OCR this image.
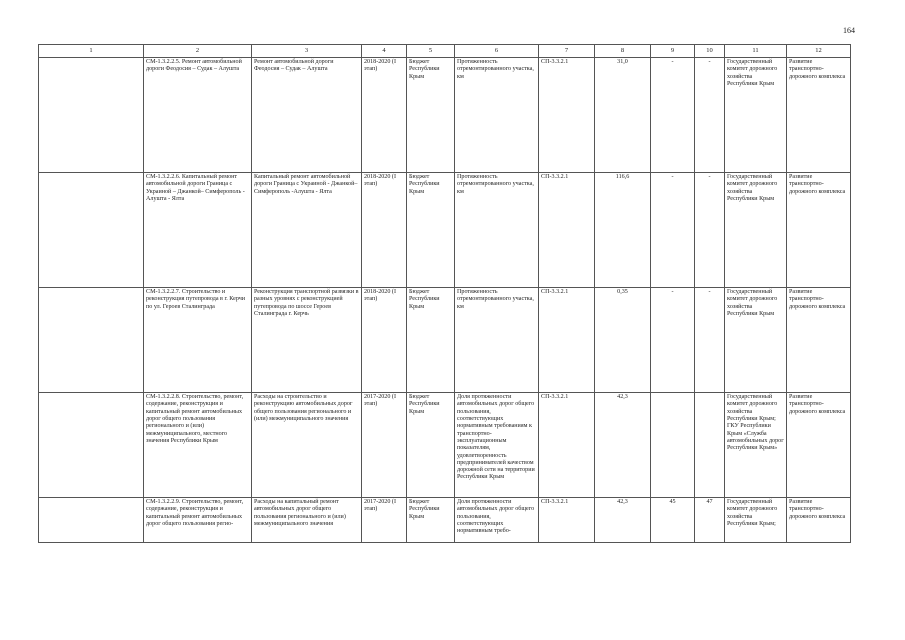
164
1	2	3	4	5	6	7	8	9	10	11	12
	СМ-1.3.2.2.5. Ремонт автомобильной дороги Феодосия – Судак – Алушта	Ремонт автомобильной дороги Феодосия – Судак – Алушта	2018-2020 (I этап)	Бюджет Республики Крым	Протяженность отремонтированного участка, км	СП-3.3.2.1	31,0	-	-	Государственный комитет дорожного хозяйства Республики Крым	Развитие транспортно-дорожного комплекса
	СМ-1.3.2.2.6. Капитальный ремонт автомобильной дороги Граница с Украиной – Джанкой– Симферополь - Алушта - Ялта	Капитальный ремонт автомобильной дороги Граница с Украиной - Джанкой–Симферополь -Алушта - Ялта	2018-2020 (I этап)	Бюджет Республики Крым	Протяженность отремонтированного участка, км	СП-3.3.2.1	116,6	-	-	Государственный комитет дорожного хозяйства Республики Крым	Развитие транспортно-дорожного комплекса
	СМ-1.3.2.2.7. Строительство и реконструкция путепровода в г. Керчи по ул. Героев Сталинграда	Реконструкция транспортной развязки в разных уровнях с реконструкцией путепровода по шоссе Героев Сталинграда г. Керчь	2018-2020 (I этап)	Бюджет Республики Крым	Протяженность отремонтированного участка, км	СП-3.3.2.1	0,35	-	-	Государственный комитет дорожного хозяйства Республики Крым	Развитие транспортно-дорожного комплекса
	СМ-1.3.2.2.8. Строительство, ремонт, содержание, реконструкция и капитальный ремонт автомобильных дорог общего пользования регионального и (или) межмуниципального, местного значения Республики Крым	Расходы на строительство и реконструкцию автомобильных дорог общего пользования регионального и (или) межмуниципального значения	2017-2020 (I этап)	Бюджет Республики Крым	Доля протяженности автомобильных дорог общего пользования, соответствующих нормативным требованиям к транспортно-эксплуатационным показателям, удовлетворенность предпринимателей качеством дорожной сети на территории Республики Крым	СП-3.3.2.1	42,3			Государственный комитет дорожного хозяйства Республики Крым; ГКУ Республики Крым «Служба автомобильных дорог Республики Крым»	Развитие транспортно-дорожного комплекса
	СМ-1.3.2.2.9. Строительство, ремонт, содержание, реконструкция и капитальный ремонт автомобильных дорог общего пользования регио-	Расходы на капитальный ремонт автомобильных дорог общего пользования регионального и (или) межмуниципального значения	2017-2020 (I этап)	Бюджет Республики Крым	Доля протяженности автомобильных дорог общего пользования, соответствующих нормативным требо-	СП-3.3.2.1	42,3	45	47	Государственный комитет дорожного хозяйства Республики Крым;	Развитие транспортно-дорожного комплекса
